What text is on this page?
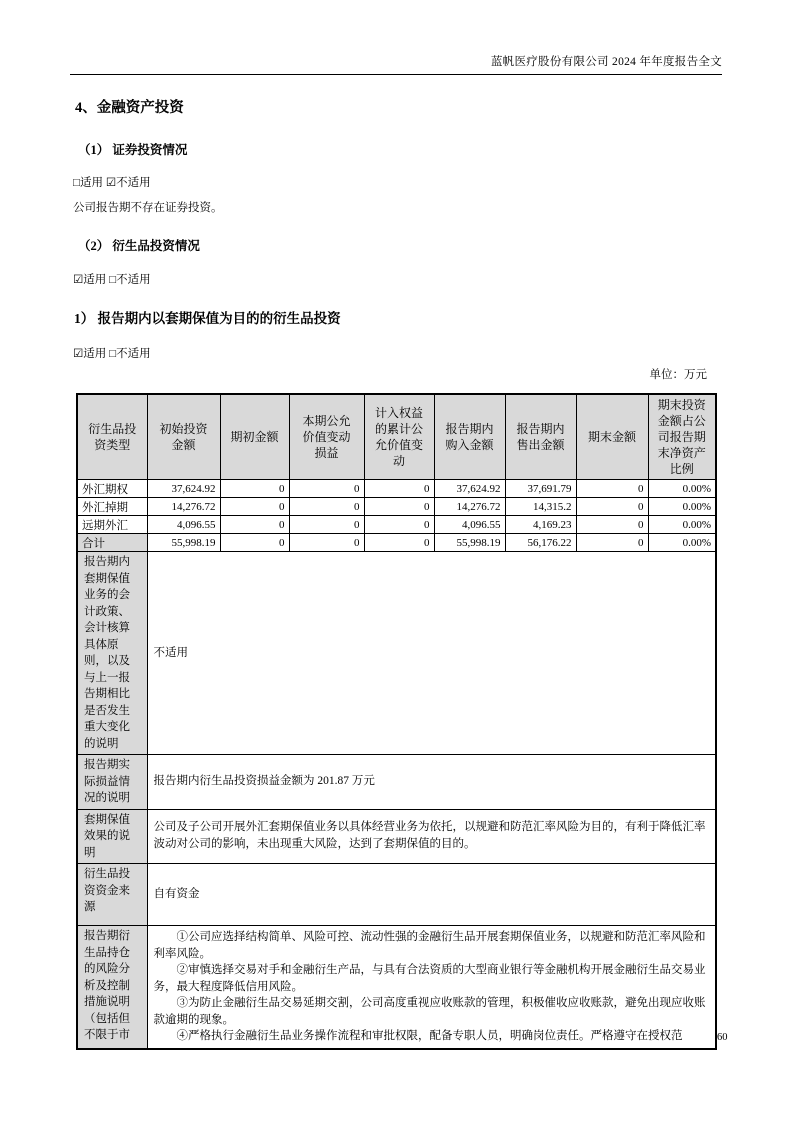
蓝帆医疗股份有限公司 2024 年年度报告全文
4、金融资产投资
（1） 证券投资情况
□适用 ☑不适用
公司报告期不存在证券投资。
（2） 衍生品投资情况
☑适用 □不适用
1） 报告期内以套期保值为目的的衍生品投资
☑适用 □不适用
单位：万元
衍生品投资类型	初始投资金额	期初金额	本期公允价值变动损益	计入权益的累计公允价值变动	报告期内购入金额	报告期内售出金额	期末金额	期末投资金额占公司报告期末净资产比例
外汇期权	37,624.92	0	0	0	37,624.92	37,691.79	0	0.00%
外汇掉期	14,276.72	0	0	0	14,276.72	14,315.2	0	0.00%
远期外汇	4,096.55	0	0	0	4,096.55	4,169.23	0	0.00%
合计	55,998.19	0	0	0	55,998.19	56,176.22	0	0.00%
报告期内套期保值业务的会计政策、会计核算具体原则，以及与上一报告期相比是否发生重大变化的说明	不适用							

报告期实际损益情况的说明	报告期内衍生品投资损益金额为 201.87 万元							

套期保值效果的说明	公司及子公司开展外汇套期保值业务以具体经营业务为依托，以规避和防范汇率风险为目的，有利于降低汇率波动对公司的影响，未出现重大风险，达到了套期保值的目的。							

衍生品投资资金来源	自有资金							

报告期衍生品持仓的风险分析及控制措施说明（包括但不限于市	①公司应选择结构简单、风险可控、流动性强的金融衍生品开展套期保值业务，以规避和防范汇率风险和利率风险。

②审慎选择交易对手和金融衍生产品，与具有合法资质的大型商业银行等金融机构开展金融衍生品交易业务，最大程度降低信用风险。

③为防止金融衍生品交易延期交割，公司高度重视应收账款的管理，积极催收应收账款，避免出现应收账款逾期的现象。

④严格执行金融衍生品业务操作流程和审批权限，配备专职人员，明确岗位责任。严格遵守在授权范								60
